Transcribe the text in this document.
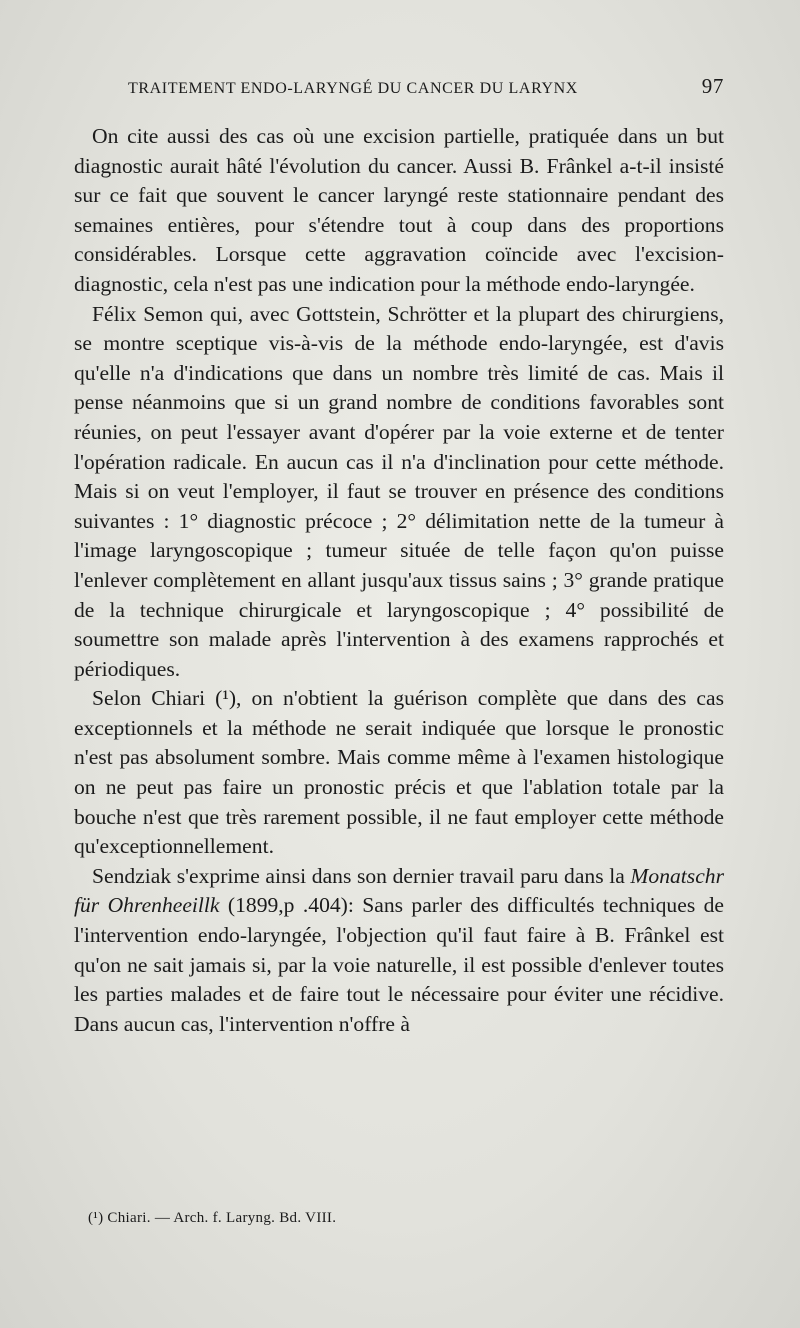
TRAITEMENT ENDO-LARYNGÉ DU CANCER DU LARYNX	97

On cite aussi des cas où une excision partielle, pratiquée dans un but diagnostic aurait hâté l'évolution du cancer. Aussi B. Frânkel a-t-il insisté sur ce fait que souvent le cancer laryngé reste stationnaire pendant des semaines entières, pour s'étendre tout à coup dans des proportions considérables. Lorsque cette aggravation coïncide avec l'excision-diagnostic, cela n'est pas une indication pour la méthode endo-laryngée.

Félix Semon qui, avec Gottstein, Schrötter et la plupart des chirurgiens, se montre sceptique vis-à-vis de la méthode endo-laryngée, est d'avis qu'elle n'a d'indications que dans un nombre très limité de cas. Mais il pense néanmoins que si un grand nombre de conditions favorables sont réunies, on peut l'essayer avant d'opérer par la voie externe et de tenter l'opération radicale. En aucun cas il n'a d'inclination pour cette méthode. Mais si on veut l'employer, il faut se trouver en présence des conditions suivantes : 1° diagnostic précoce ; 2° délimitation nette de la tumeur à l'image laryngoscopique ; tumeur située de telle façon qu'on puisse l'enlever complètement en allant jusqu'aux tissus sains ; 3° grande pratique de la technique chirurgicale et laryngoscopique ; 4° possibilité de soumettre son malade après l'intervention à des examens rapprochés et périodiques.

Selon Chiari (¹), on n'obtient la guérison complète que dans des cas exceptionnels et la méthode ne serait indiquée que lorsque le pronostic n'est pas absolument sombre. Mais comme même à l'examen histologique on ne peut pas faire un pronostic précis et que l'ablation totale par la bouche n'est que très rarement possible, il ne faut employer cette méthode qu'exceptionnellement.

Sendziak s'exprime ainsi dans son dernier travail paru dans la Monatschr für Ohrenheeillk (1899,p .404): Sans parler des difficultés techniques de l'intervention endo-laryngée, l'objection qu'il faut faire à B. Frânkel est qu'on ne sait jamais si, par la voie naturelle, il est possible d'enlever toutes les parties malades et de faire tout le nécessaire pour éviter une récidive. Dans aucun cas, l'intervention n'offre à

(¹) Chiari. — Arch. f. Laryng. Bd. VIII.
